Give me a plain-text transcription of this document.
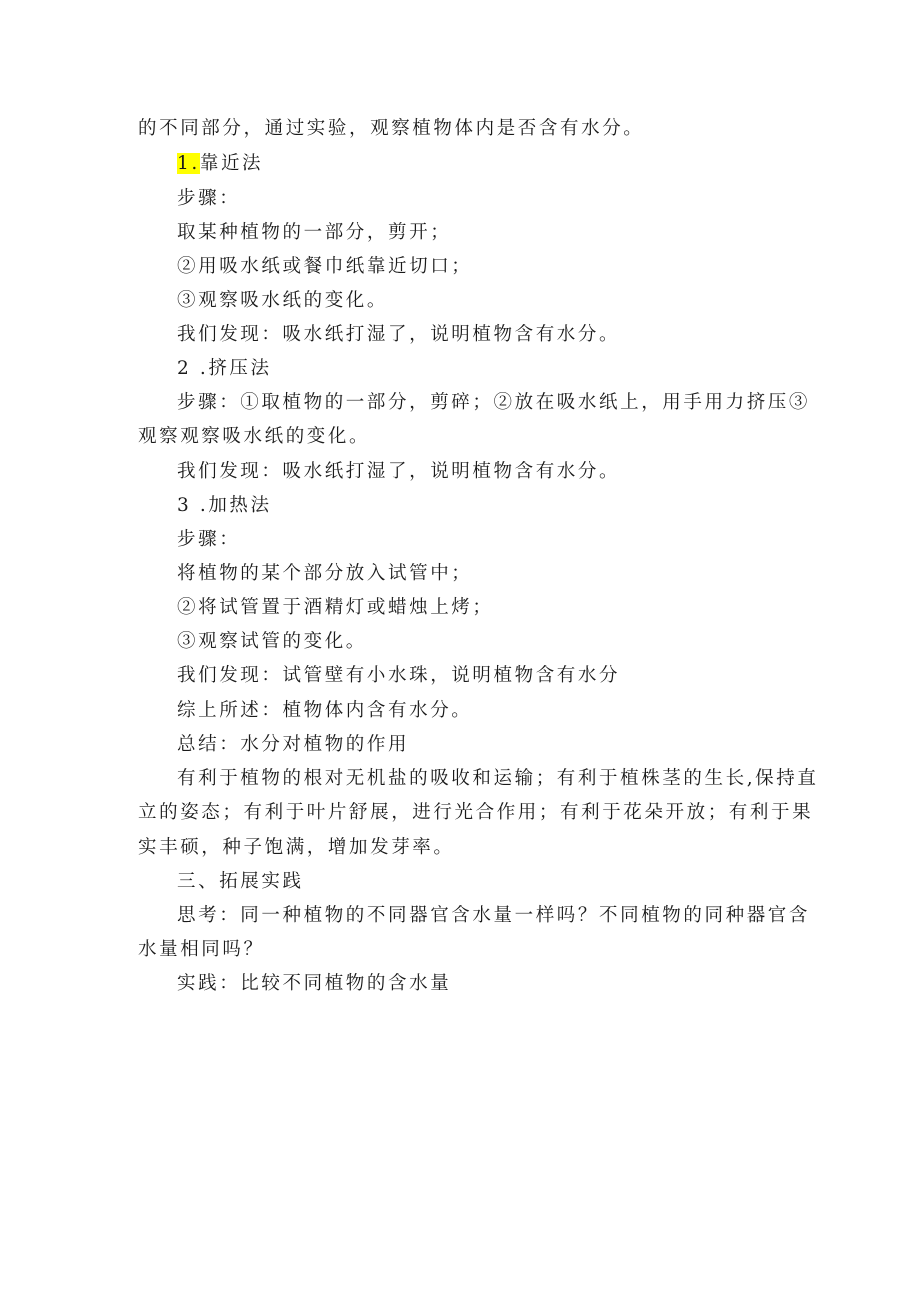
的不同部分，通过实验，观察植物体内是否含有水分。
1.靠近法
步骤：
取某种植物的一部分，剪开；
②用吸水纸或餐巾纸靠近切口；
③观察吸水纸的变化。
我们发现：吸水纸打湿了，说明植物含有水分。
2 .挤压法
步骤：①取植物的一部分，剪碎；②放在吸水纸上，用手用力挤压③
观察观察吸水纸的变化。
我们发现：吸水纸打湿了，说明植物含有水分。
3 .加热法
步骤：
将植物的某个部分放入试管中；
②将试管置于酒精灯或蜡烛上烤；
③观察试管的变化。
我们发现：试管壁有小水珠，说明植物含有水分
综上所述：植物体内含有水分。
总结：水分对植物的作用
有利于植物的根对无机盐的吸收和运输；有利于植株茎的生长,保持直
立的姿态；有利于叶片舒展，进行光合作用；有利于花朵开放；有利于果
实丰硕，种子饱满，增加发芽率。
三、拓展实践
思考：同一种植物的不同器官含水量一样吗？不同植物的同种器官含
水量相同吗？
实践：比较不同植物的含水量
